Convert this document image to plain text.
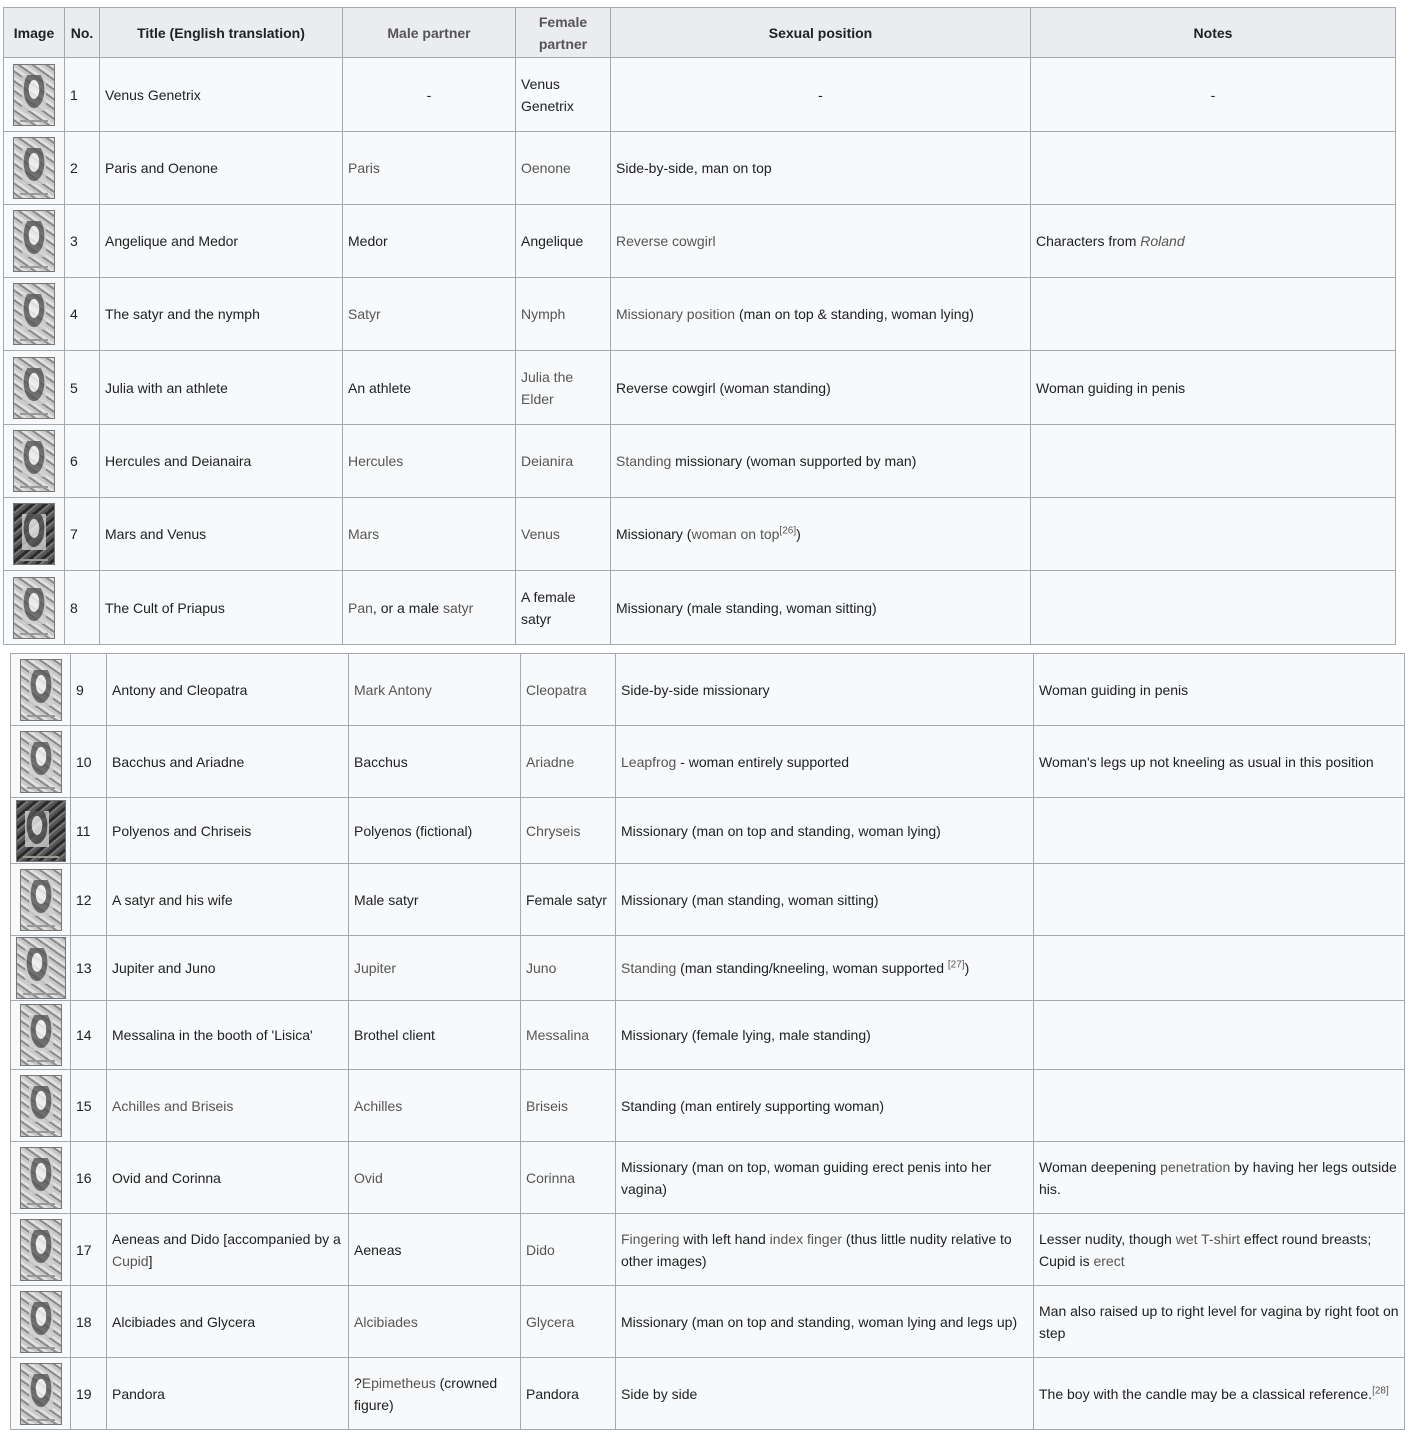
Image	No.	Title (English translation)	Male partner	Female partner	Sexual position	Notes
	1	Venus Genetrix	-	Venus Genetrix	-	-
	2	Paris and Oenone	Paris	Oenone	Side-by-side, man on top	
	3	Angelique and Medor	Medor	Angelique	Reverse cowgirl	Characters from Roland
	4	The satyr and the nymph	Satyr	Nymph	Missionary position (man on top & standing, woman lying)	
	5	Julia with an athlete	An athlete	Julia the Elder	Reverse cowgirl (woman standing)	Woman guiding in penis
	6	Hercules and Deianaira	Hercules	Deianira	Standing missionary (woman supported by man)	
	7	Mars and Venus	Mars	Venus	Missionary (woman on top[26])	
	8	The Cult of Priapus	Pan, or a male satyr	A female satyr	Missionary (male standing, woman sitting)	
	9	Antony and Cleopatra	Mark Antony	Cleopatra	Side-by-side missionary	Woman guiding in penis
	10	Bacchus and Ariadne	Bacchus	Ariadne	Leapfrog - woman entirely supported	Woman's legs up not kneeling as usual in this position
	11	Polyenos and Chriseis	Polyenos (fictional)	Chryseis	Missionary (man on top and standing, woman lying)	
	12	A satyr and his wife	Male satyr	Female satyr	Missionary (man standing, woman sitting)	
	13	Jupiter and Juno	Jupiter	Juno	Standing (man standing/kneeling, woman supported [27])	
	14	Messalina in the booth of 'Lisica'	Brothel client	Messalina	Missionary (female lying, male standing)	
	15	Achilles and Briseis	Achilles	Briseis	Standing (man entirely supporting woman)	
	16	Ovid and Corinna	Ovid	Corinna	Missionary (man on top, woman guiding erect penis into her vagina)	Woman deepening penetration by having her legs outside his.
	17	Aeneas and Dido [accompanied by a Cupid]	Aeneas	Dido	Fingering with left hand index finger (thus little nudity relative to other images)	Lesser nudity, though wet T-shirt effect round breasts; Cupid is erect
	18	Alcibiades and Glycera	Alcibiades	Glycera	Missionary (man on top and standing, woman lying and legs up)	Man also raised up to right level for vagina by right foot on step
	19	Pandora	?Epimetheus (crowned figure)	Pandora	Side by side	The boy with the candle may be a classical reference.[28]
